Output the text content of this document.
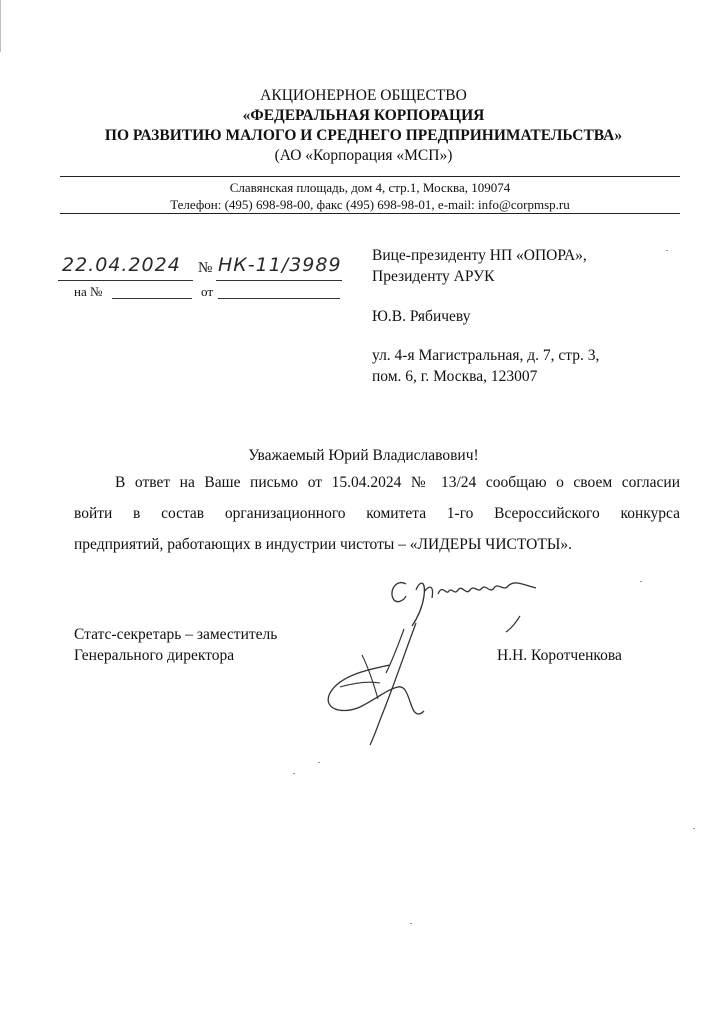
АКЦИОНЕРНОЕ ОБЩЕСТВО
«ФЕДЕРАЛЬНАЯ КОРПОРАЦИЯ
ПО РАЗВИТИЮ МАЛОГО И СРЕДНЕГО ПРЕДПРИНИМАТЕЛЬСТВА»
(АО «Корпорация «МСП»)
Славянская площадь, дом 4, стр.1, Москва, 109074
Телефон: (495) 698-98-00, факс (495) 698-98-01, e-mail: info@corpmsp.ru
22.04.2024 № НК-11/3989
на №	от
Вице-президенту НП «ОПОРА»,
Президенту АРУК
Ю.В. Рябичеву
ул. 4-я Магистральная, д. 7, стр. 3,
пом. 6, г. Москва, 123007
Уважаемый Юрий Владиславович!
В ответ на Ваше письмо от 15.04.2024 № 13/24 сообщаю о своем согласии
войти в состав организационного комитета 1-го Всероссийского конкурса
предприятий, работающих в индустрии чистоты – «ЛИДЕРЫ ЧИСТОТЫ».
Статс-секретарь – заместитель
Генерального директора	Н.Н. Коротченкова
